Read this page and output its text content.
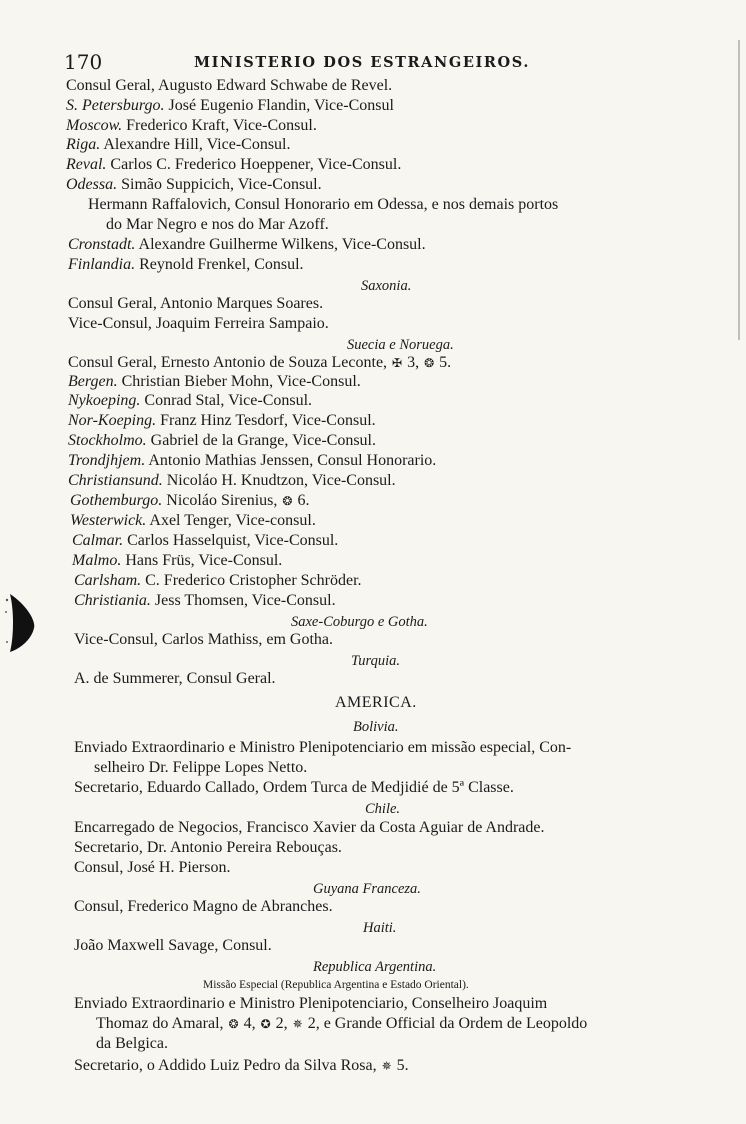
170	MINISTERIO DOS ESTRANGEIROS.
Consul Geral, Augusto Edward Schwabe de Revel.
S. Petersburgo. José Eugenio Flandin, Vice-Consul
Moscow. Frederico Kraft, Vice-Consul.
Riga. Alexandre Hill, Vice-Consul.
Reval. Carlos C. Frederico Hoeppener, Vice-Consul.
Odessa. Simão Suppicich, Vice-Consul.
Hermann Raffalovich, Consul Honorario em Odessa, e nos demais portos
do Mar Negro e nos do Mar Azoff.
Cronstadt. Alexandre Guilherme Wilkens, Vice-Consul.
Finlandia. Reynold Frenkel, Consul.
Saxonia.
Consul Geral, Antonio Marques Soares.
Vice-Consul, Joaquim Ferreira Sampaio.
Suecia e Noruega.
Consul Geral, Ernesto Antonio de Souza Leconte, ✠ 3, ❂ 5.
Bergen. Christian Bieber Mohn, Vice-Consul.
Nykoeping. Conrad Stal, Vice-Consul.
Nor-Koeping. Franz Hinz Tesdorf, Vice-Consul.
Stockholmo. Gabriel de la Grange, Vice-Consul.
Trondjhjem. Antonio Mathias Jenssen, Consul Honorario.
Christiansund. Nicoláo H. Knudtzon, Vice-Consul.
Gothemburgo. Nicoláo Sirenius, ❂ 6.
Westerwick. Axel Tenger, Vice-consul.
Calmar. Carlos Hasselquist, Vice-Consul.
Malmo. Hans Früs, Vice-Consul.
Carlsham. C. Frederico Cristopher Schröder.
Christiania. Jess Thomsen, Vice-Consul.
Saxe-Coburgo e Gotha.
Vice-Consul, Carlos Mathiss, em Gotha.
Turquia.
A. de Summerer, Consul Geral.
AMERICA.
Bolivia.
Enviado Extraordinario e Ministro Plenipotenciario em missão especial, Con-
selheiro Dr. Felippe Lopes Netto.
Secretario, Eduardo Callado, Ordem Turca de Medjidié de 5ª Classe.
Chile.
Encarregado de Negocios, Francisco Xavier da Costa Aguiar de Andrade.
Secretario, Dr. Antonio Pereira Rebouças.
Consul, José H. Pierson.
Guyana Franceza.
Consul, Frederico Magno de Abranches.
Haiti.
João Maxwell Savage, Consul.
Republica Argentina.
Missão Especial (Republica Argentina e Estado Oriental).
Enviado Extraordinario e Ministro Plenipotenciario, Conselheiro Joaquim
Thomaz do Amaral, ❂ 4, ✪ 2, ✵ 2, e Grande Official da Ordem de Leopoldo
da Belgica.
Secretario, o Addido Luiz Pedro da Silva Rosa, ✵ 5.
